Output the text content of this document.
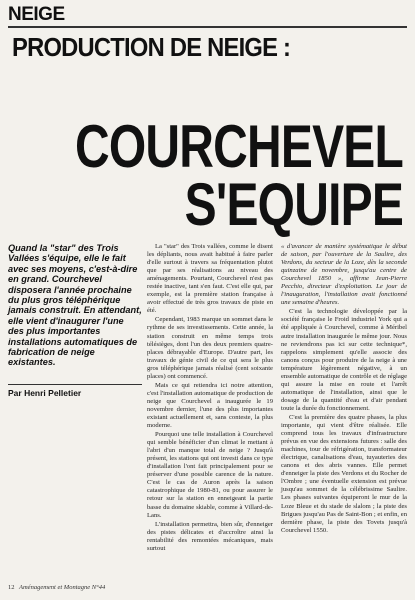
NEIGE
PRODUCTION DE NEIGE :
COURCHEVEL
S'EQUIPE
Quand la "star" des Trois Vallées s'équipe, elle le fait avec ses moyens, c'est-à-dire en grand. Courchevel disposera l'année prochaine du plus gros téléphérique jamais construit. En attendant, elle vient d'inaugurer l'une des plus importantes installations automatiques de fabrication de neige existantes.
Par Henri Pelletier

La "star" des Trois vallées, comme le disent les dépliants, nous avait habitué à faire parler d'elle surtout à travers sa fréquentation plutot que par ses réalisations au niveau des aménagements. Pourtant, Courchevel n'est pas restée inactive, tant s'en faut. C'est elle qui, par exemple, est la première station française à avoir effectué de très gros travaux de piste en été.

Cependant, 1983 marque un sommet dans le rythme de ses investissements. Cette année, la station construit en même temps trois télésièges, dont l'un des deux premiers quatre-places débrayable d'Europe. D'autre part, les travaux de génie civil de ce qui sera le plus gros téléphérique jamais réalisé (cent soixante places) ont commencé.

Mais ce qui retiendra ici notre attention, c'est l'installation automatique de production de neige que Courchevel a inaugurée le 19 novembre dernier, l'une des plus importantes existant actuellement et, sans conteste, la plus moderne.

Pourquoi une telle installation à Courchevel qui semble bénéficier d'un climat le mettant à l'abri d'un manque total de neige ? Jusqu'à présent, les stations qui ont investi dans ce type d'installation l'ont fait principalement pour se préserver d'une possible carence de la nature. C'est le cas de Auron après la saison catastrophique de 1980-81, ou pour assurer le retour sur la station en enneigeant la partie basse du domaine skiable, comme à Villard-de-Lans.

L'installation permettra, bien sûr, d'enneiger des pistes délicates et d'accroître ainsi la rentabilité des remontées mécaniques, mais surtout

« d'avancer de manière systématique le début de saison, par l'ouverture de la Saulire, des Verdons, du secteur de la Loze, dès la seconde quinzaine de novembre, jusqu'au centre de Courchevel 1850 », affirme Jean-Pierre Pecchio, directeur d'exploitation. Le jour de l'inauguration, l'installation avait fonctionné une semaine d'heures.

C'est la technologie développée par la société française le Froid industriel York qui a été appliquée à Courchevel, comme à Méribel autre installation inaugurée le même jour. Nous ne reviendrons pas ici sur cette technique*, rappelons simplement qu'elle associe des canons conçus pour produire de la neige à une température légèrement négative, à un ensemble automatique de contrôle et de réglage qui assure la mise en route et l'arrêt automatique de l'installation, ainsi que le dosage de la quantité d'eau et d'air pendant toute la durée du fonctionnement.

C'est la première des quatre phases, la plus importante, qui vient d'être réalisée. Elle comprend tous les travaux d'infrastructure prévus en vue des extensions futures : salle des machines, tour de réfrigération, transformateur électrique, canalisations d'eau, tuyauteries des canons et des abris vannes. Elle permet d'enneiger la piste des Verdons et du Rocher de l'Ombre ; une éventuelle extension est prévue jusqu'au sommet de la célébrissime Saulire. Les phases suivantes équiperont le mur de la Loze Bleue et du stade de slalom ; la piste des Brigues jusqu'au Pas de Saint-Bon ; et enfin, en dernière phase, la piste des Tovets jusqu'à Courchevel 1550.

12 Aménagement et Montagne N°44
